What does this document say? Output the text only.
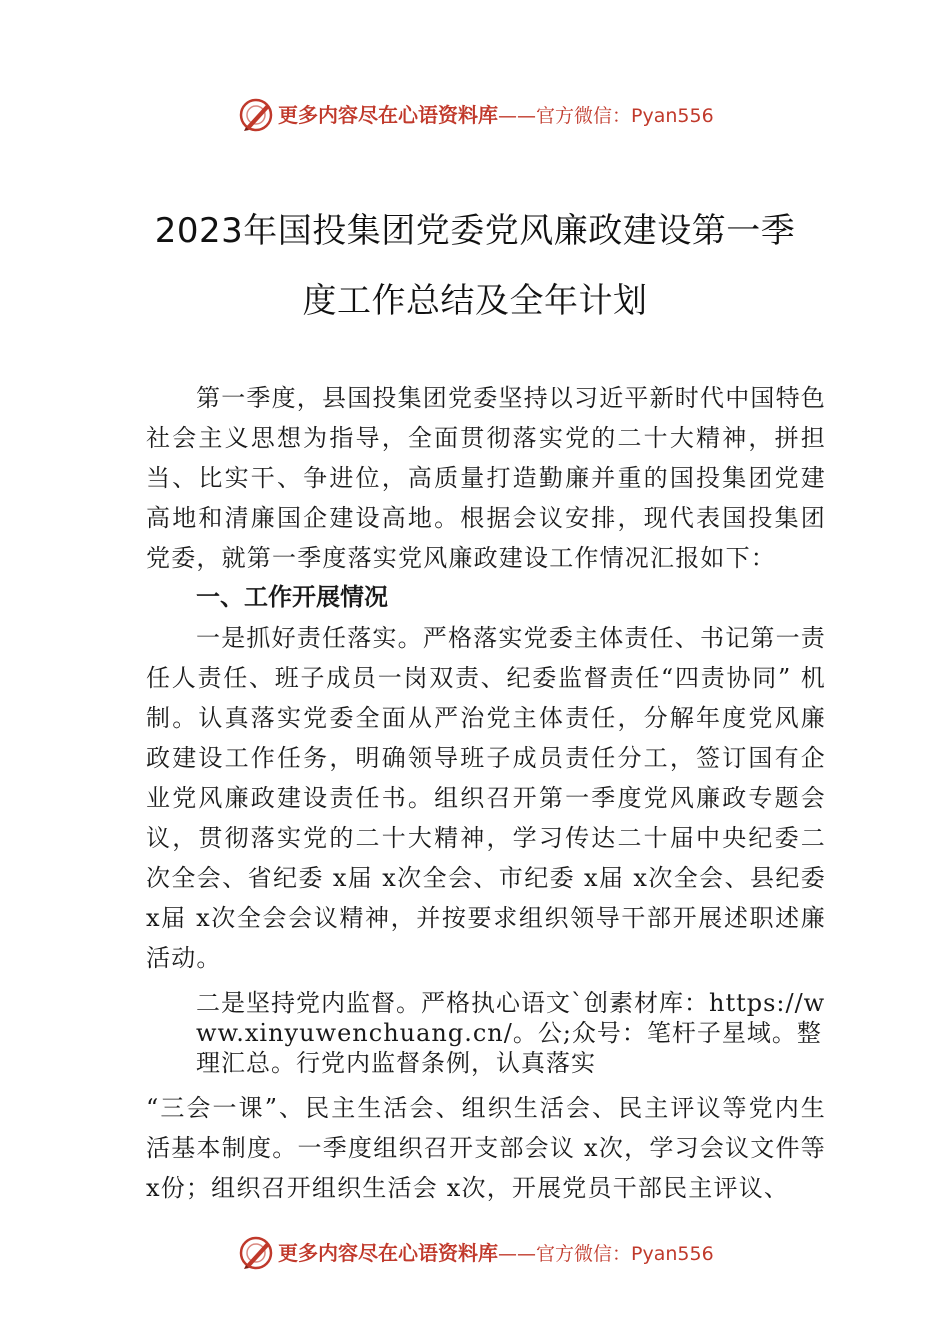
更多内容尽在心语资料库——官方微信：Pyan556
2023年国投集团党委党风廉政建设第一季
度工作总结及全年计划

第一季度，县国投集团党委坚持以习近平新时代中国特色社会主义思想为指导，全面贯彻落实党的二十大精神，拼担当、比实干、争进位，高质量打造勤廉并重的国投集团党建高地和清廉国企建设高地。根据会议安排，现代表国投集团党委，就第一季度落实党风廉政建设工作情况汇报如下：

一、工作开展情况

一是抓好责任落实。严格落实党委主体责任、书记第一责任人责任、班子成员一岗双责、纪委监督责任“四责协同” 机制。认真落实党委全面从严治党主体责任，分解年度党风廉政建设工作任务，明确领导班子成员责任分工，签订国有企业党风廉政建设责任书。组织召开第一季度党风廉政专题会议，贯彻落实党的二十大精神，学习传达二十届中央纪委二次全会、省纪委 x届 x次全会、市纪委 x届 x次全会、县纪委 x届 x次全会会议精神，并按要求组织领导干部开展述职述廉活动。

二是坚持党内监督。严格执心语文`创素材库：https://www.xinyuwenchuang.cn/。公;众号：笔杆子星域。整理汇总。行党内监督条例，认真落实

“三会一课”、民主生活会、组织生活会、民主评议等党内生活基本制度。一季度组织召开支部会议 x次，学习会议文件等 x份；组织召开组织生活会 x次，开展党员干部民主评议、

更多内容尽在心语资料库——官方微信：Pyan556
